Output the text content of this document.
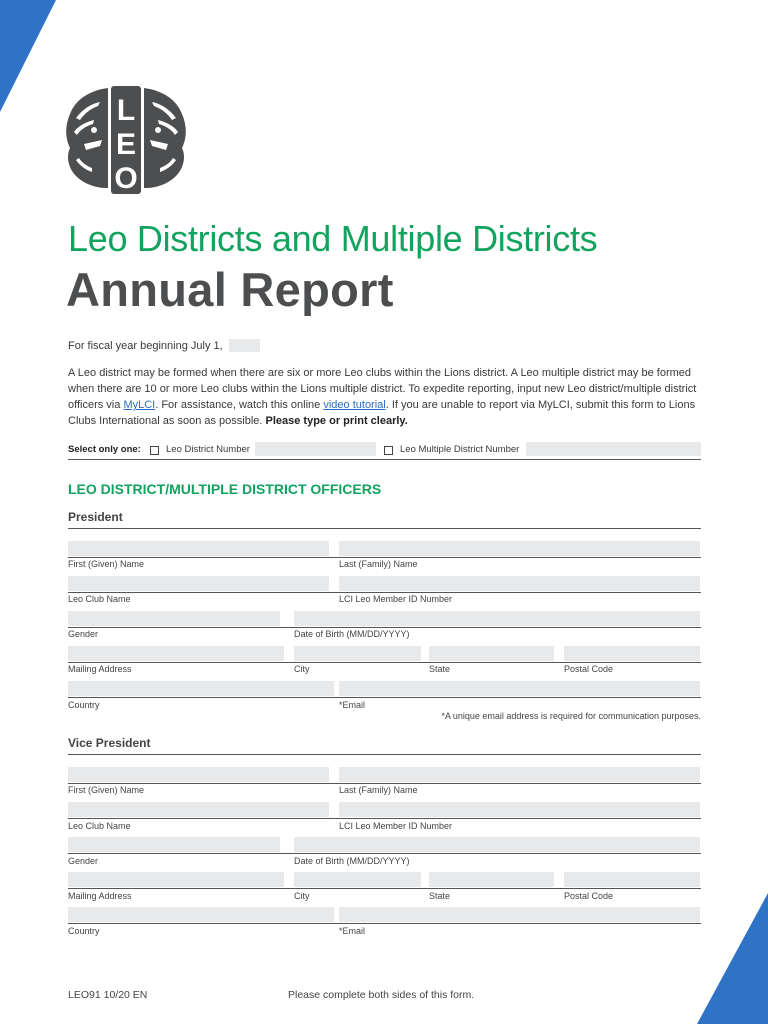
L
E
O
Leo Districts and Multiple Districts
Annual Report
For fiscal year beginning July 1,
A Leo district may be formed when there are six or more Leo clubs within the Lions district. A Leo multiple district may be formed when there are 10 or more Leo clubs within the Lions multiple district. To expedite reporting, input new Leo district/multiple district officers via MyLCI. For assistance, watch this online video tutorial. If you are unable to report via MyLCI, submit this form to Lions Clubs International as soon as possible. Please type or print clearly.
Select only one:	Leo District Number	Leo Multiple District Number
LEO DISTRICT/MULTIPLE DISTRICT OFFICERS
President
First (Given) Name	Last (Family) Name
Leo Club Name	LCI Leo Member ID Number
Gender	Date of Birth (MM/DD/YYYY)
Mailing Address	City	State	Postal Code
Country	*Email
*A unique email address is required for communication purposes.
Vice President
First (Given) Name	Last (Family) Name
Leo Club Name	LCI Leo Member ID Number
Gender	Date of Birth (MM/DD/YYYY)
Mailing Address	City	State	Postal Code
Country	*Email
LEO91 10/20 EN	Please complete both sides of this form.
